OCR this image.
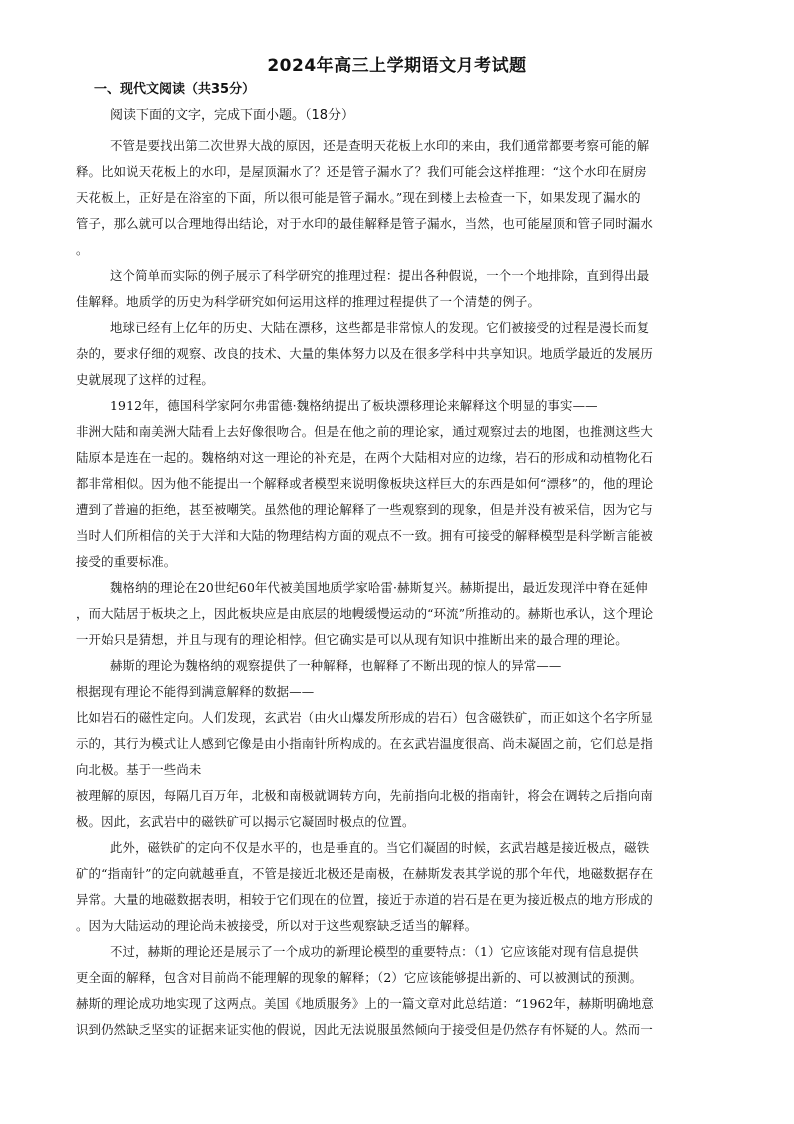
2024年高三上学期语文月考试题
一、现代文阅读（共35分）
阅读下面的文字，完成下面小题。（18分）
不管是要找出第二次世界大战的原因，还是查明天花板上水印的来由，我们通常都要考察可能的解
释。比如说天花板上的水印，是屋顶漏水了？还是管子漏水了？我们可能会这样推理：“这个水印在厨房
天花板上，正好是在浴室的下面，所以很可能是管子漏水。”现在到楼上去检查一下，如果发现了漏水的
管子，那么就可以合理地得出结论，对于水印的最佳解释是管子漏水，当然，也可能屋顶和管子同时漏水
。
这个简单而实际的例子展示了科学研究的推理过程：提出各种假说，一个一个地排除，直到得出最
佳解释。地质学的历史为科学研究如何运用这样的推理过程提供了一个清楚的例子。
地球已经有上亿年的历史、大陆在漂移，这些都是非常惊人的发现。它们被接受的过程是漫长而复
杂的，要求仔细的观察、改良的技术、大量的集体努力以及在很多学科中共享知识。地质学最近的发展历
史就展现了这样的过程。
1912年，德国科学家阿尔弗雷德·魏格纳提出了板块漂移理论来解释这个明显的事实——
非洲大陆和南美洲大陆看上去好像很吻合。但是在他之前的理论家，通过观察过去的地图，也推测这些大
陆原本是连在一起的。魏格纳对这一理论的补充是，在两个大陆相对应的边缘，岩石的形成和动植物化石
都非常相似。因为他不能提出一个解释或者模型来说明像板块这样巨大的东西是如何“漂移”的，他的理论
遭到了普遍的拒绝，甚至被嘲笑。虽然他的理论解释了一些观察到的现象，但是并没有被采信，因为它与
当时人们所相信的关于大洋和大陆的物理结构方面的观点不一致。拥有可接受的解释模型是科学断言能被
接受的重要标准。
魏格纳的理论在20世纪60年代被美国地质学家哈雷·赫斯复兴。赫斯提出，最近发现洋中脊在延伸
，而大陆居于板块之上，因此板块应是由底层的地幔缓慢运动的“环流”所推动的。赫斯也承认，这个理论
一开始只是猜想，并且与现有的理论相悖。但它确实是可以从现有知识中推断出来的最合理的理论。
赫斯的理论为魏格纳的观察提供了一种解释，也解释了不断出现的惊人的异常——
根据现有理论不能得到满意解释的数据——
比如岩石的磁性定向。人们发现，玄武岩（由火山爆发所形成的岩石）包含磁铁矿，而正如这个名字所显
示的，其行为模式让人感到它像是由小指南针所构成的。在玄武岩温度很高、尚未凝固之前，它们总是指
向北极。基于一些尚未
被理解的原因，每隔几百万年，北极和南极就调转方向，先前指向北极的指南针，将会在调转之后指向南
极。因此，玄武岩中的磁铁矿可以揭示它凝固时极点的位置。
此外，磁铁矿的定向不仅是水平的，也是垂直的。当它们凝固的时候，玄武岩越是接近极点，磁铁
矿的“指南针”的定向就越垂直，不管是接近北极还是南极，在赫斯发表其学说的那个年代，地磁数据存在
异常。大量的地磁数据表明，相较于它们现在的位置，接近于赤道的岩石是在更为接近极点的地方形成的
。因为大陆运动的理论尚未被接受，所以对于这些观察缺乏适当的解释。
不过，赫斯的理论还是展示了一个成功的新理论模型的重要特点：（1）它应该能对现有信息提供
更全面的解释，包含对目前尚不能理解的现象的解释；（2）它应该能够提出新的、可以被测试的预测。
赫斯的理论成功地实现了这两点。美国《地质服务》上的一篇文章对此总结道：“1962年，赫斯明确地意
识到仍然缺乏坚实的证据来证实他的假说，因此无法说服虽然倾向于接受但是仍然存有怀疑的人。然而一
